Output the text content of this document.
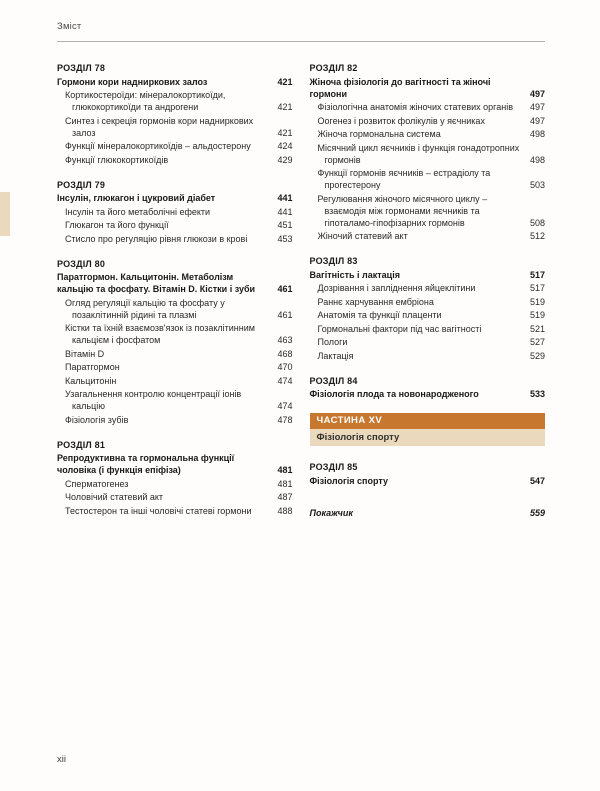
Зміст
РОЗДІЛ 78
Гормони кори надниркових залоз	421
Кортикостероїди: мінералокортикоїди, глюкокортикоїди та андрогени	421
Синтез і секреція гормонів кори надниркових залоз	421
Функції мінералокортикоїдів – альдостерону	424
Функції глюкокортикоїдів	429
РОЗДІЛ 79
Інсулін, глюкагон і цукровий діабет	441
Інсулін та його метаболічні ефекти	441
Глюкагон та його функції	451
Стисло про регуляцію рівня глюкози в крові	453
РОЗДІЛ 80
Паратгормон. Кальцитонін. Метаболізм кальцію та фосфату. Вітамін D. Кістки і зуби	461
Огляд регуляції кальцію та фосфату у позаклітинній рідині та плазмі	461
Кістки та їхній взаємозв'язок із позаклітинним кальцієм і фосфатом	463
Вітамін D	468
Паратгормон	470
Кальцитонін	474
Узагальнення контролю концентрації іонів кальцію	474
Фізіологія зубів	478
РОЗДІЛ 81
Репродуктивна та гормональна функції чоловіка (і функція епіфіза)	481
Сперматогенез	481
Чоловічий статевий акт	487
Тестостерон та інші чоловічі статеві гормони	488
РОЗДІЛ 82
Жіноча фізіологія до вагітності та жіночі гормони	497
Фізіологічна анатомія жіночих статевих органів	497
Оогенез і розвиток фолікулів у яєчниках	497
Жіноча гормональна система	498
Місячний цикл яєчників і функція гонадотропних гормонів	498
Функції гормонів яєчників – естрадіолу та прогестерону	503
Регулювання жіночого місячного циклу – взаємодія між гормонами яєчників та гіпоталамо-гіпофізарних гормонів	508
Жіночий статевий акт	512
РОЗДІЛ 83
Вагітність і лактація	517
Дозрівання і запліднення яйцеклітини	517
Раннє харчування ембріона	519
Анатомія та функції плаценти	519
Гормональні фактори під час вагітності	521
Пологи	527
Лактація	529
РОЗДІЛ 84
Фізіологія плода та новонародженого	533
ЧАСТИНА XV
Фізіологія спорту
РОЗДІЛ 85
Фізіологія спорту	547
Покажчик	559
xii
